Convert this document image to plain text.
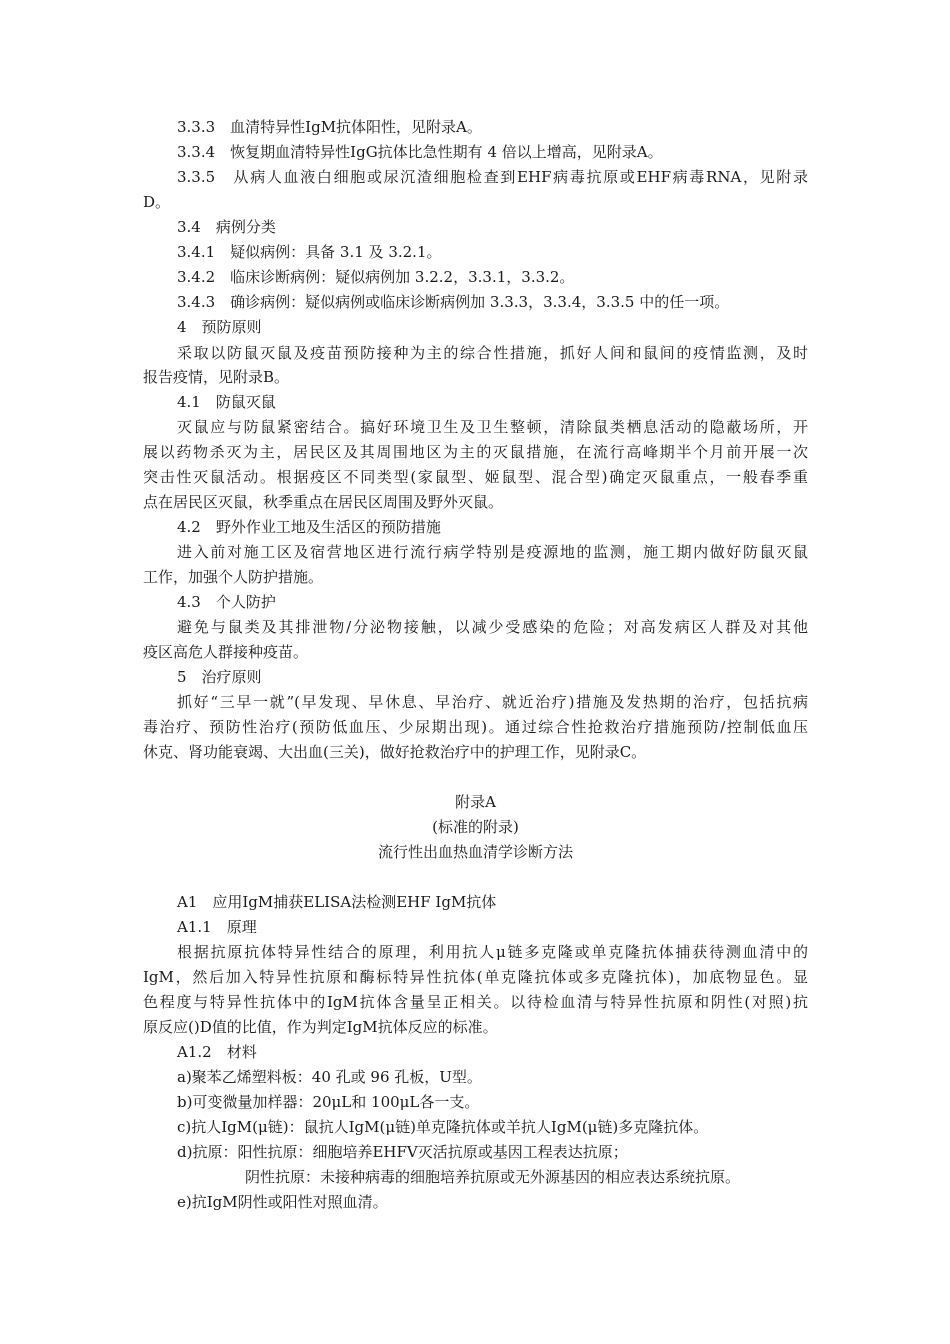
3.3.3　血清特异性IgM抗体阳性，见附录A。
3.3.4　恢复期血清特异性IgG抗体比急性期有 4 倍以上增高，见附录A。
3.3.5　从病人血液白细胞或尿沉渣细胞检查到EHF病毒抗原或EHF病毒RNA，见附录
D。
3.4　病例分类
3.4.1　疑似病例：具备 3.1 及 3.2.1。
3.4.2　临床诊断病例：疑似病例加 3.2.2，3.3.1，3.3.2。
3.4.3　确诊病例：疑似病例或临床诊断病例加 3.3.3，3.3.4，3.3.5 中的任一项。
4　预防原则
采取以防鼠灭鼠及疫苗预防接种为主的综合性措施，抓好人间和鼠间的疫情监测，及时
报告疫情，见附录B。
4.1　防鼠灭鼠
灭鼠应与防鼠紧密结合。搞好环境卫生及卫生整顿，清除鼠类栖息活动的隐蔽场所，开
展以药物杀灭为主，居民区及其周围地区为主的灭鼠措施，在流行高峰期半个月前开展一次
突击性灭鼠活动。根据疫区不同类型(家鼠型、姬鼠型、混合型)确定灭鼠重点，一般春季重
点在居民区灭鼠，秋季重点在居民区周围及野外灭鼠。
4.2　野外作业工地及生活区的预防措施
进入前对施工区及宿营地区进行流行病学特别是疫源地的监测，施工期内做好防鼠灭鼠
工作，加强个人防护措施。
4.3　个人防护
避免与鼠类及其排泄物/分泌物接触，以减少受感染的危险；对高发病区人群及对其他
疫区高危人群接种疫苗。
5　治疗原则
抓好“三早一就”(早发现、早休息、早治疗、就近治疗)措施及发热期的治疗，包括抗病
毒治疗、预防性治疗(预防低血压、少尿期出现)。通过综合性抢救治疗措施预防/控制低血压
休克、肾功能衰竭、大出血(三关)，做好抢救治疗中的护理工作，见附录C。
附录A
(标准的附录)
流行性出血热血清学诊断方法
A1　应用IgM捕获ELISA法检测EHF IgM抗体
A1.1　原理
根据抗原抗体特异性结合的原理，利用抗人μ链多克隆或单克隆抗体捕获待测血清中的
IgM，然后加入特异性抗原和酶标特异性抗体(单克隆抗体或多克隆抗体)，加底物显色。显
色程度与特异性抗体中的IgM抗体含量呈正相关。以待检血清与特异性抗原和阴性(对照)抗
原反应()D值的比值，作为判定IgM抗体反应的标准。
A1.2　材料
a)聚苯乙烯塑料板：40 孔或 96 孔板，U型。
b)可变微量加样器：20μL和 100μL各一支。
c)抗人IgM(μ链)：鼠抗人IgM(μ链)单克隆抗体或羊抗人IgM(μ链)多克隆抗体。
d)抗原：阳性抗原：细胞培养EHFV灭活抗原或基因工程表达抗原；
阴性抗原：未接种病毒的细胞培养抗原或无外源基因的相应表达系统抗原。
e)抗IgM阴性或阳性对照血清。
